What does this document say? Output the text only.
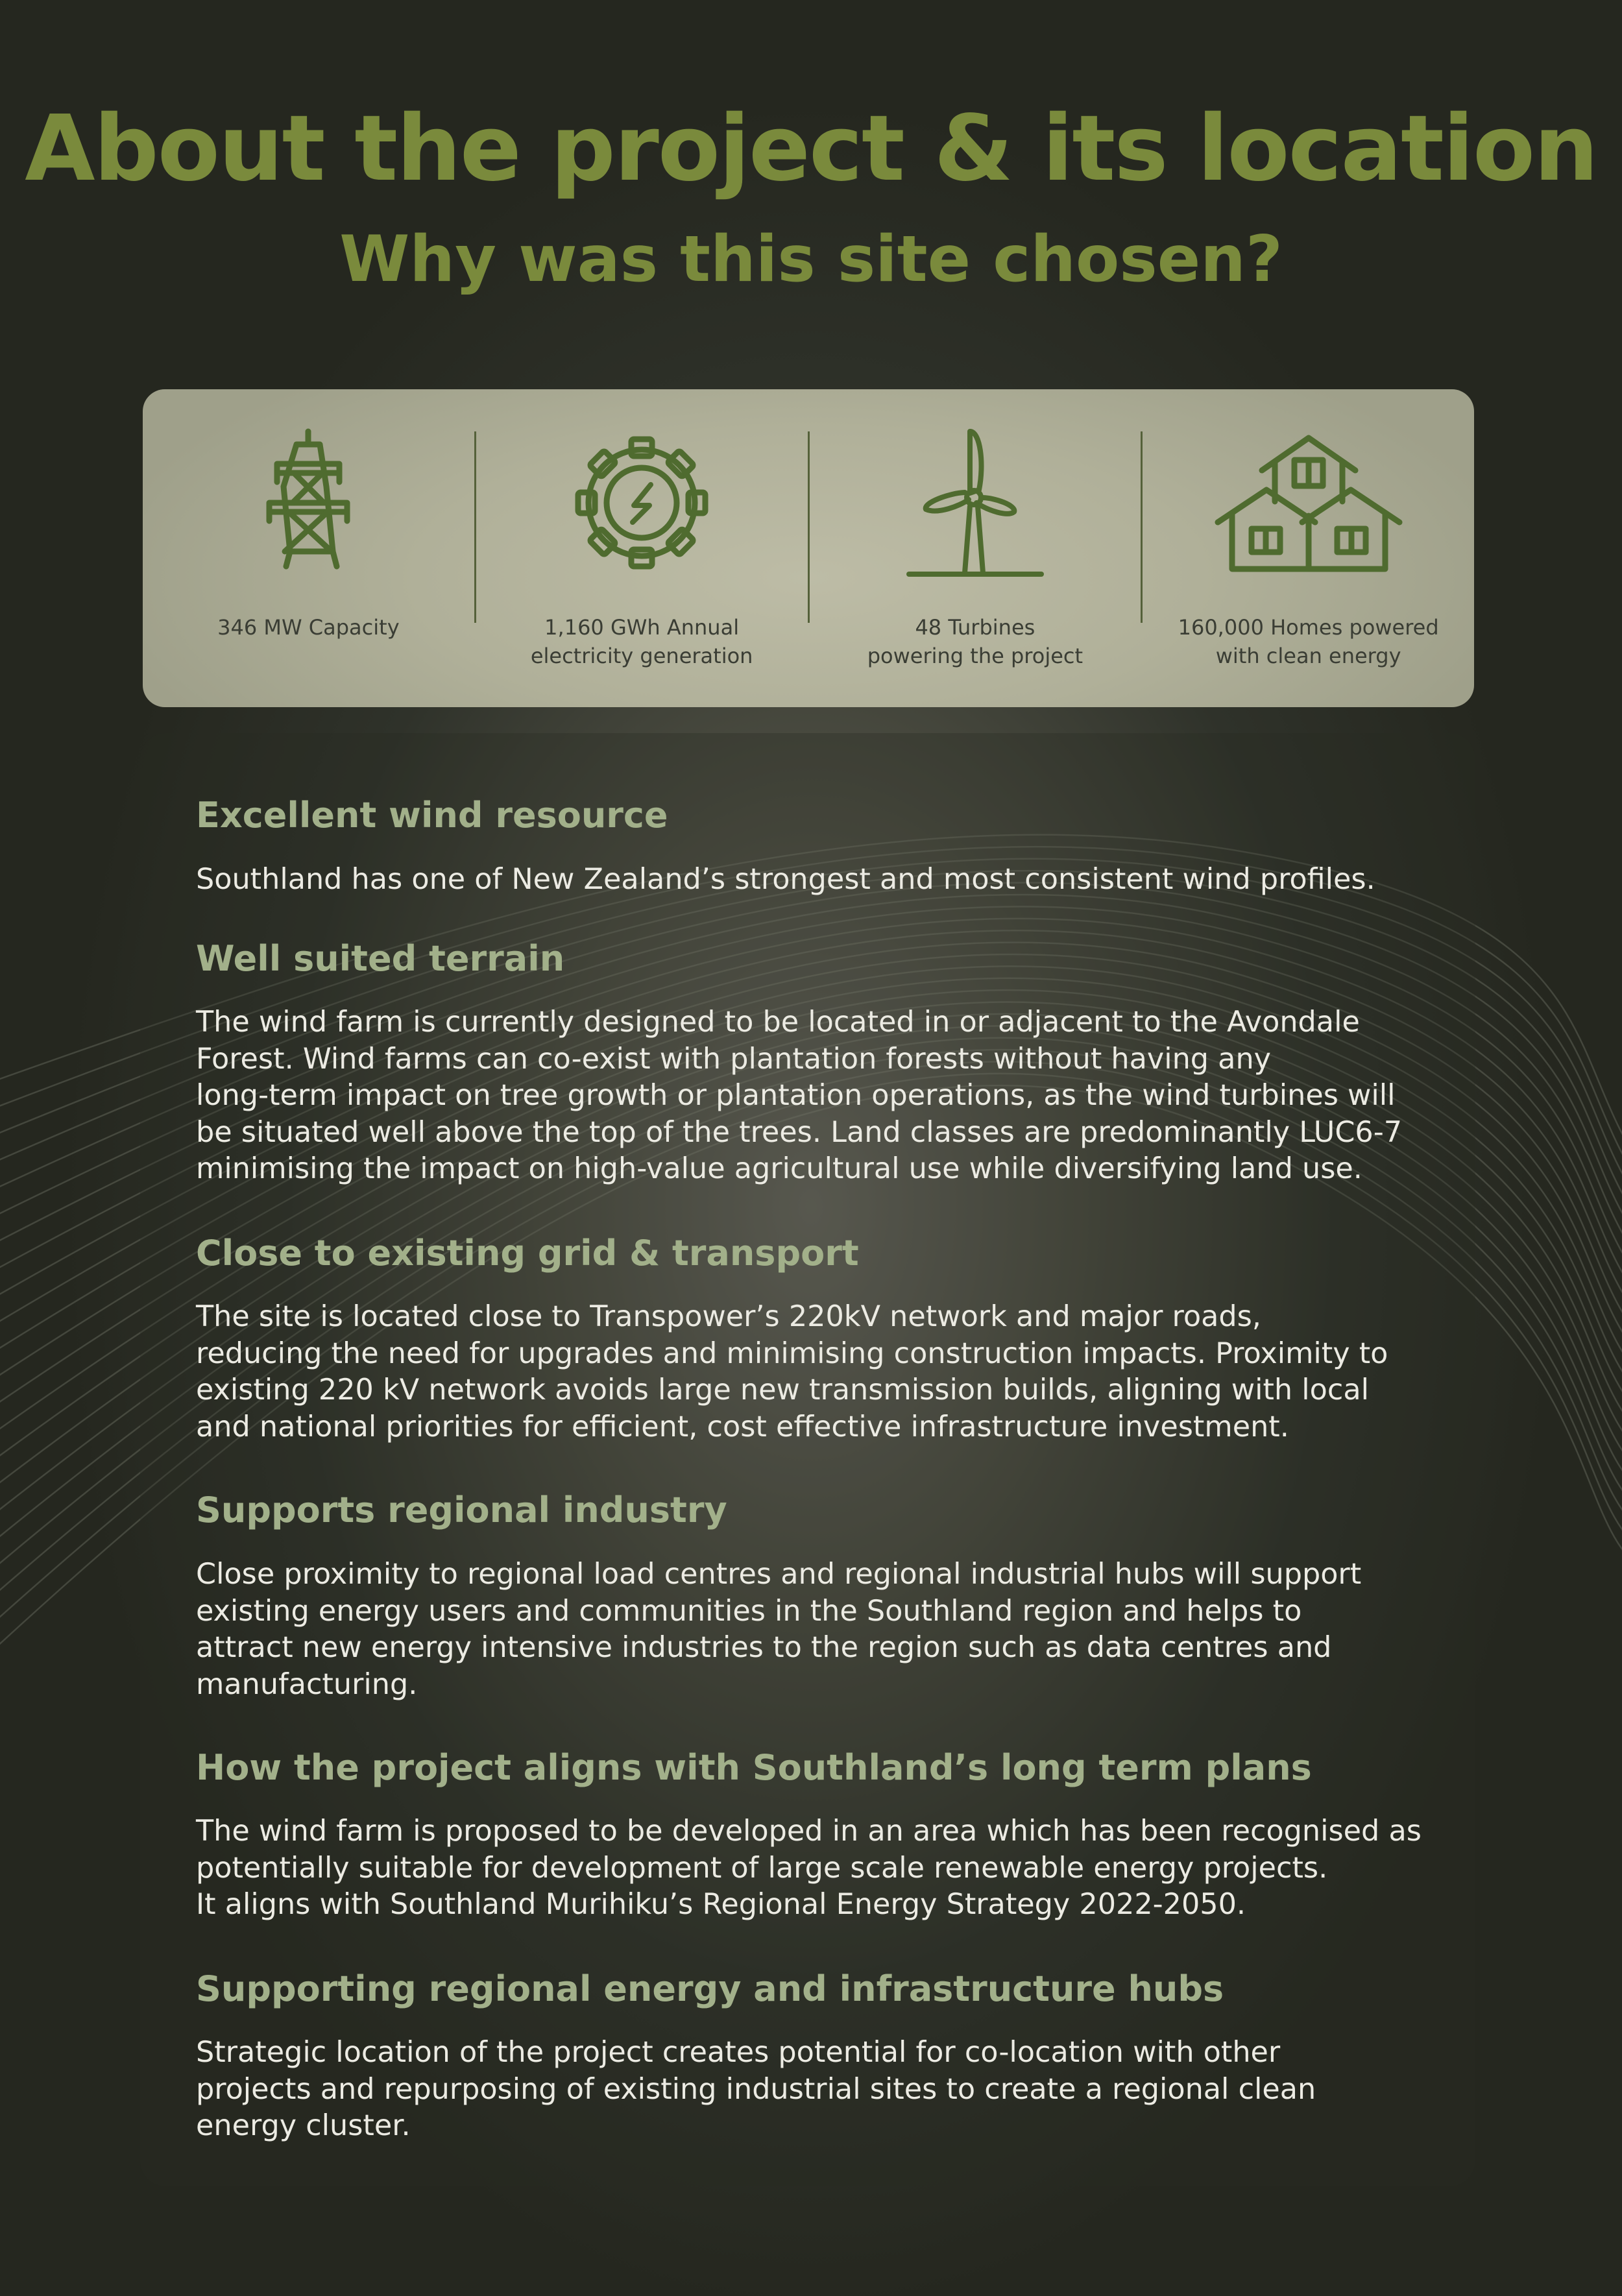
About the project & its location
Why was this site chosen?
346 MW Capacity	1,160 GWh Annual
electricity generation
48 Turbines
powering the project
160,000 Homes powered
with clean energy
Excellent wind resource

Southland has one of New Zealand’s strongest and most consistent wind profiles.

Well suited terrain

The wind farm is currently designed to be located in or adjacent to the Avondale
Forest. Wind farms can co-exist with plantation forests without having any
long-term impact on tree growth or plantation operations, as the wind turbines will
be situated well above the top of the trees. Land classes are predominantly LUC6-7
minimising the impact on high-value agricultural use while diversifying land use.

Close to existing grid & transport

The site is located close to Transpower’s 220kV network and major roads,
reducing the need for upgrades and minimising construction impacts. Proximity to
existing 220 kV network avoids large new transmission builds, aligning with local
and national priorities for efficient, cost effective infrastructure investment.

Supports regional industry

Close proximity to regional load centres and regional industrial hubs will support
existing energy users and communities in the Southland region and helps to
attract new energy intensive industries to the region such as data centres and
manufacturing.

How the project aligns with Southland’s long term plans

The wind farm is proposed to be developed in an area which has been recognised as
potentially suitable for development of large scale renewable energy projects.
It aligns with Southland Murihiku’s Regional Energy Strategy 2022-2050.

Supporting regional energy and infrastructure hubs

Strategic location of the project creates potential for co-location with other
projects and repurposing of existing industrial sites to create a regional clean
energy cluster.
